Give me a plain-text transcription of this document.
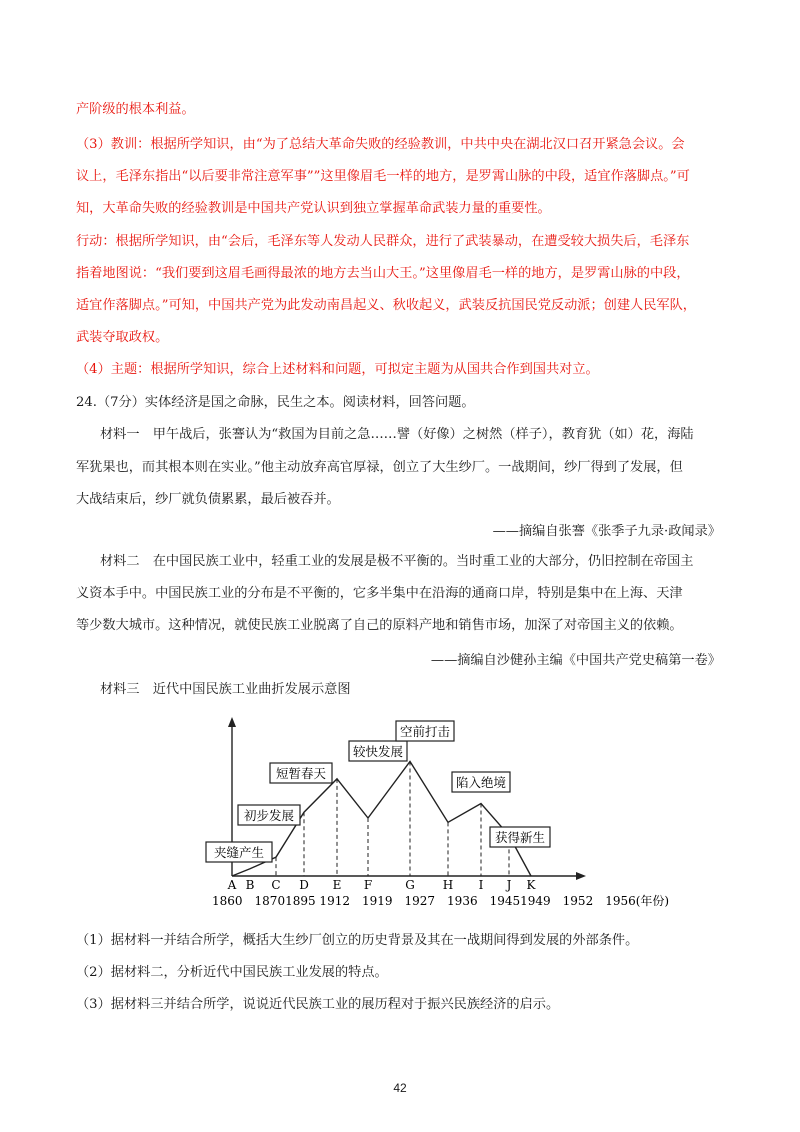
产阶级的根本利益。
（3）教训：根据所学知识，由“为了总结大革命失败的经验教训，中共中央在湖北汉口召开紧急会议。会
议上，毛泽东指出“以后要非常注意军事””这里像眉毛一样的地方，是罗霄山脉的中段，适宜作落脚点。”可
知，大革命失败的经验教训是中国共产党认识到独立掌握革命武装力量的重要性。
行动：根据所学知识，由“会后，毛泽东等人发动人民群众，进行了武装暴动，在遭受较大损失后，毛泽东
指着地图说：“我们要到这眉毛画得最浓的地方去当山大王。”这里像眉毛一样的地方，是罗霄山脉的中段，
适宜作落脚点。”可知，中国共产党为此发动南昌起义、秋收起义，武装反抗国民党反动派；创建人民军队，
武装夺取政权。
（4）主题：根据所学知识，综合上述材料和问题，可拟定主题为从国共合作到国共对立。
24.（7分）实体经济是国之命脉，民生之本。阅读材料，回答问题。
材料一　甲午战后，张謇认为“救国为目前之急……譬（好像）之树然（样子），教育犹（如）花，海陆
军犹果也，而其根本则在实业。”他主动放弃高官厚禄，创立了大生纱厂。一战期间，纱厂得到了发展，但
大战结束后，纱厂就负债累累，最后被吞并。
——摘编自张謇《张季子九录·政闻录》
材料二　在中国民族工业中，轻重工业的发展是极不平衡的。当时重工业的大部分，仍旧控制在帝国主
义资本手中。中国民族工业的分布是不平衡的，它多半集中在沿海的通商口岸，特别是集中在上海、天津
等少数大城市。这种情况，就使民族工业脱离了自己的原料产地和销售市场，加深了对帝国主义的依赖。
——摘编自沙健孙主编《中国共产党史稿第一卷》
材料三　近代中国民族工业曲折发展示意图
夹缝产生
初步发展
短暂春天
较快发展
空前打击
陷入绝境
获得新生
A B C D E F	G H I J K
1860　18701895 1912　1919　1927　1936　19451949　1952　1956(年份)
（1）据材料一并结合所学，概括大生纱厂创立的历史背景及其在一战期间得到发展的外部条件。
（2）据材料二，分析近代中国民族工业发展的特点。
（3）据材料三并结合所学，说说近代民族工业的展历程对于振兴民族经济的启示。
42
